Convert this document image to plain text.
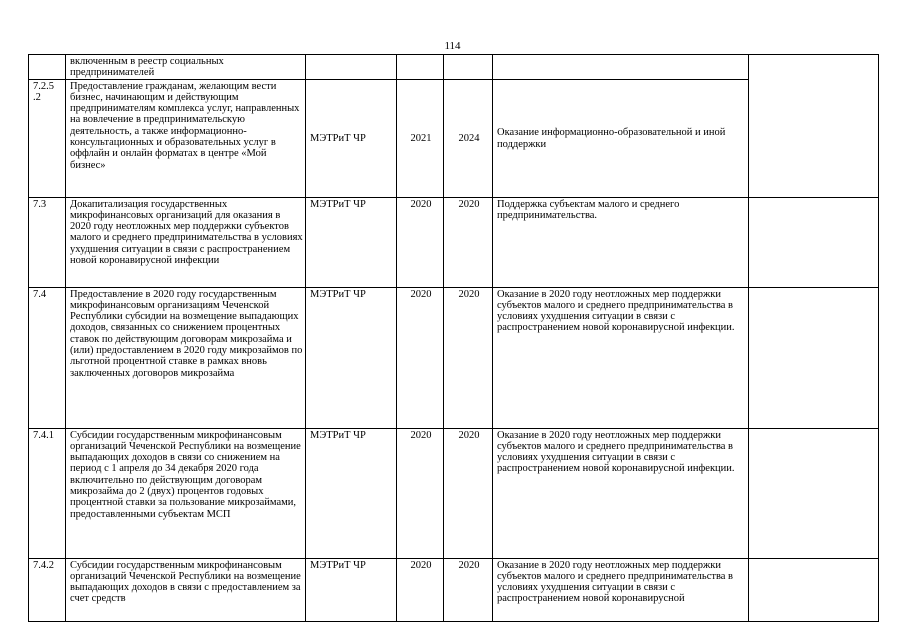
114
	включенным в реестр социальных предпринимателей					
7.2.5 .2	Предоставление гражданам, желающим вести бизнес, начинающим и действующим предпринимателям комплекса услуг, направленных на вовлечение в предпринимательскую деятельность, а также информационно-консультационных и образовательных услуг в оффлайн и онлайн форматах в центре «Мой бизнес»	МЭТРиТ ЧР	2021	2024	Оказание информационно-образовательной и иной поддержки	
7.3	Докапитализация государственных микрофинансовых организаций для оказания в 2020 году неотложных мер поддержки субъектов малого и среднего предпринимательства в условиях ухудшения ситуации в связи с распространением новой коронавирусной инфекции	МЭТРиТ ЧР	2020	2020	Поддержка субъектам малого и среднего предпринимательства.	
7.4	Предоставление в 2020 году государственным микрофинансовым организациям Чеченской Республики субсидии на возмещение выпадающих доходов, связанных со снижением процентных ставок по действующим договорам микрозайма и (или) предоставлением в 2020 году микрозаймов по льготной процентной ставке в рамках вновь заключенных договоров микрозайма	МЭТРиТ ЧР	2020	2020	Оказание в 2020 году неотложных мер поддержки субъектов малого и среднего предпринимательства в условиях ухудшения ситуации в связи с распространением новой коронавирусной инфекции.	
7.4.1	Субсидии государственным микрофинансовым организаций Чеченской Республики на возмещение выпадающих доходов в связи со снижением на период с 1 апреля до 34 декабря 2020 года включительно по действующим договорам микрозайма до 2 (двух) процентов годовых процентной ставки за пользование микрозаймами, предоставленными субъектам МСП	МЭТРиТ ЧР	2020	2020	Оказание в 2020 году неотложных мер поддержки субъектов малого и среднего предпринимательства в условиях ухудшения ситуации в связи с распространением новой коронавирусной инфекции.	
7.4.2	Субсидии государственным микрофинансовым организаций Чеченской Республики на возмещение выпадающих доходов в связи с предоставлением за счет средств	МЭТРиТ ЧР	2020	2020	Оказание в 2020 году неотложных мер поддержки субъектов малого и среднего предпринимательства в условиях ухудшения ситуации в связи с распространением новой коронавирусной	
